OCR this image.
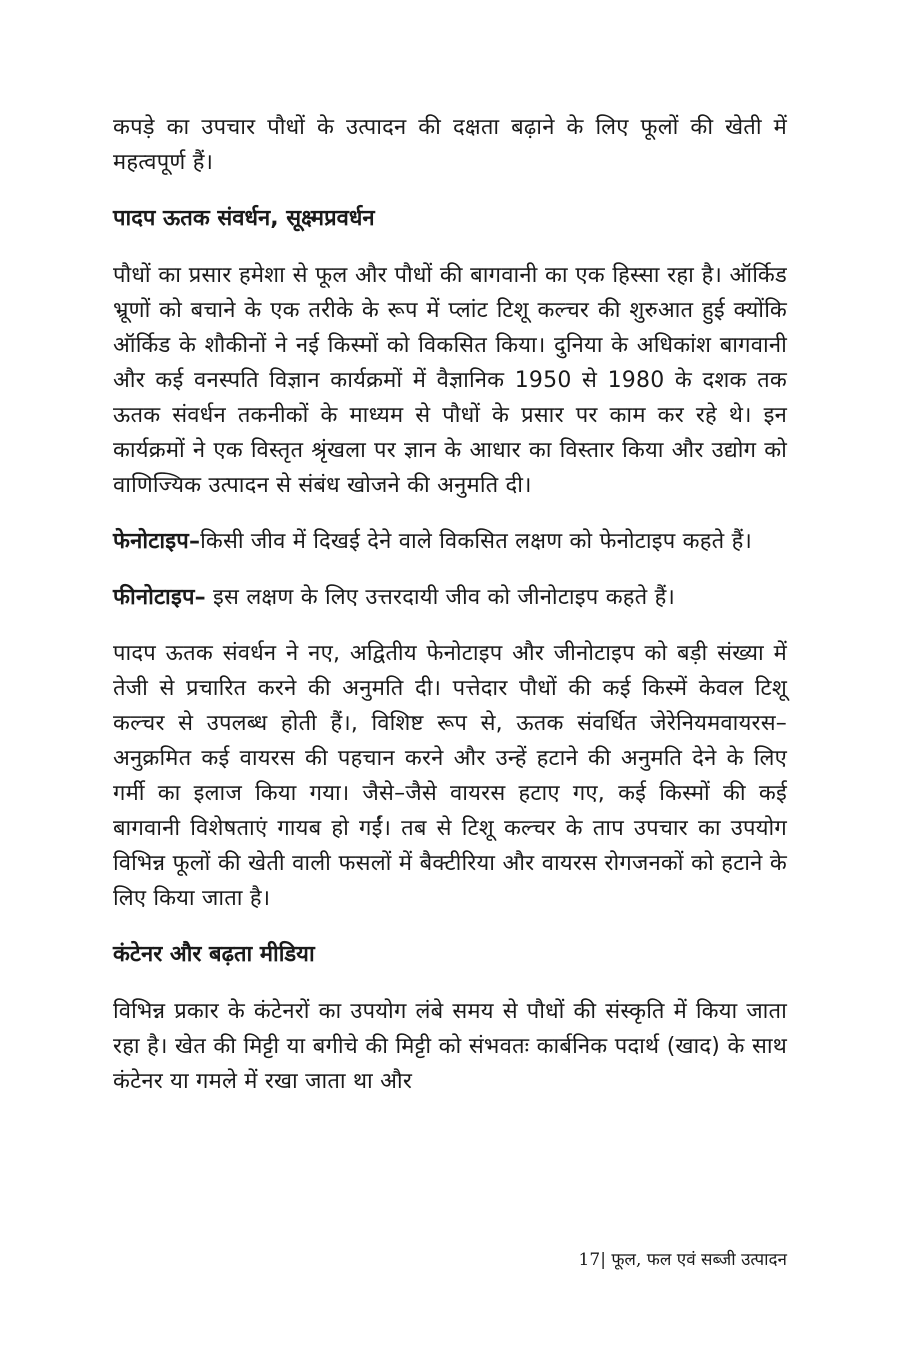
कपड़े का उपचार पौधों के उत्पादन की दक्षता बढ़ाने के लिए फूलों की खेती में महत्वपूर्ण हैं।

पादप ऊतक संवर्धन, सूक्ष्मप्रवर्धन

पौधों का प्रसार हमेशा से फूल और पौधों की बागवानी का एक हिस्सा रहा है। ऑर्किड भ्रूणों को बचाने के एक तरीके के रूप में प्लांट टिशू कल्चर की शुरुआत हुई क्योंकि ऑर्किड के शौकीनों ने नई किस्मों को विकसित किया। दुनिया के अधिकांश बागवानी और कई वनस्पति विज्ञान कार्यक्रमों में वैज्ञानिक 1950 से 1980 के दशक तक ऊतक संवर्धन तकनीकों के माध्यम से पौधों के प्रसार पर काम कर रहे थे। इन कार्यक्रमों ने एक विस्तृत श्रृंखला पर ज्ञान के आधार का विस्तार किया और उद्योग को वाणिज्यिक उत्पादन से संबंध खोजने की अनुमति दी।

फेनोटाइप–किसी जीव में दिखई देने वाले विकसित लक्षण को फेनोटाइप कहते हैं।

फीनोटाइप– इस लक्षण के लिए उत्तरदायी जीव को जीनोटाइप कहते हैं।

पादप ऊतक संवर्धन ने नए, अद्वितीय फेनोटाइप और जीनोटाइप को बड़ी संख्या में तेजी से प्रचारित करने की अनुमति दी। पत्तेदार पौधों की कई किस्में केवल टिशू कल्चर से उपलब्ध होती हैं।, विशिष्ट रूप से, ऊतक संवर्धित जेरेनियमवायरस–अनुक्रमित कई वायरस की पहचान करने और उन्हें हटाने की अनुमति देने के लिए गर्मी का इलाज किया गया। जैसे–जैसे वायरस हटाए गए, कई किस्मों की कई बागवानी विशेषताएं गायब हो गईं। तब से टिशू कल्चर के ताप उपचार का उपयोग विभिन्न फूलों की खेती वाली फसलों में बैक्टीरिया और वायरस रोगजनकों को हटाने के लिए किया जाता है।

कंटेनर और बढ़ता मीडिया

विभिन्न प्रकार के कंटेनरों का उपयोग लंबे समय से पौधों की संस्कृति में किया जाता रहा है। खेत की मिट्टी या बगीचे की मिट्टी को संभवतः कार्बनिक पदार्थ (खाद) के साथ कंटेनर या गमले में रखा जाता था और

17| फूल, फल एवं सब्जी उत्पादन
